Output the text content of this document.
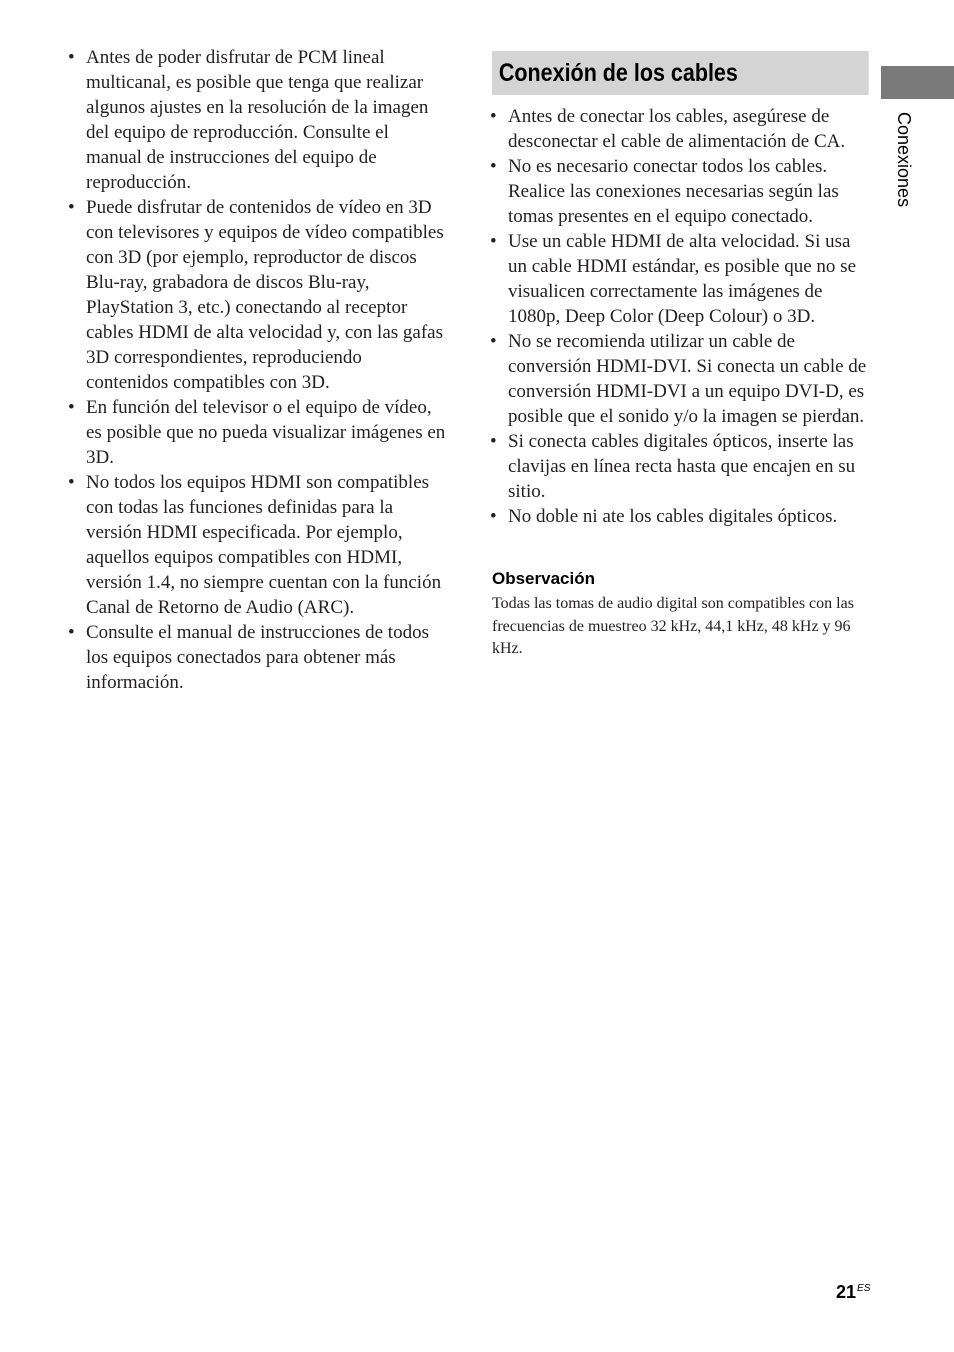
• Antes de poder disfrutar de PCM lineal multicanal, es posible que tenga que realizar algunos ajustes en la resolución de la imagen del equipo de reproducción. Consulte el manual de instrucciones del equipo de reproducción.
• Puede disfrutar de contenidos de vídeo en 3D con televisores y equipos de vídeo compatibles con 3D (por ejemplo, reproductor de discos Blu-ray, grabadora de discos Blu-ray, PlayStation 3, etc.) conectando al receptor cables HDMI de alta velocidad y, con las gafas 3D correspondientes, reproduciendo contenidos compatibles con 3D.
• En función del televisor o el equipo de vídeo, es posible que no pueda visualizar imágenes en 3D.
• No todos los equipos HDMI son compatibles con todas las funciones definidas para la versión HDMI especificada. Por ejemplo, aquellos equipos compatibles con HDMI, versión 1.4, no siempre cuentan con la función Canal de Retorno de Audio (ARC).
• Consulte el manual de instrucciones de todos los equipos conectados para obtener más información.
Conexión de los cables
• Antes de conectar los cables, asegúrese de desconectar el cable de alimentación de CA.
• No es necesario conectar todos los cables. Realice las conexiones necesarias según las tomas presentes en el equipo conectado.
• Use un cable HDMI de alta velocidad. Si usa un cable HDMI estándar, es posible que no se visualicen correctamente las imágenes de 1080p, Deep Color (Deep Colour) o 3D.
• No se recomienda utilizar un cable de conversión HDMI-DVI. Si conecta un cable de conversión HDMI-DVI a un equipo DVI-D, es posible que el sonido y/o la imagen se pierdan.
• Si conecta cables digitales ópticos, inserte las clavijas en línea recta hasta que encajen en su sitio.
• No doble ni ate los cables digitales ópticos.
Observación
Todas las tomas de audio digital son compatibles con las frecuencias de muestreo 32 kHz, 44,1 kHz, 48 kHz y 96 kHz.
Conexiones
$21^{ES}$
